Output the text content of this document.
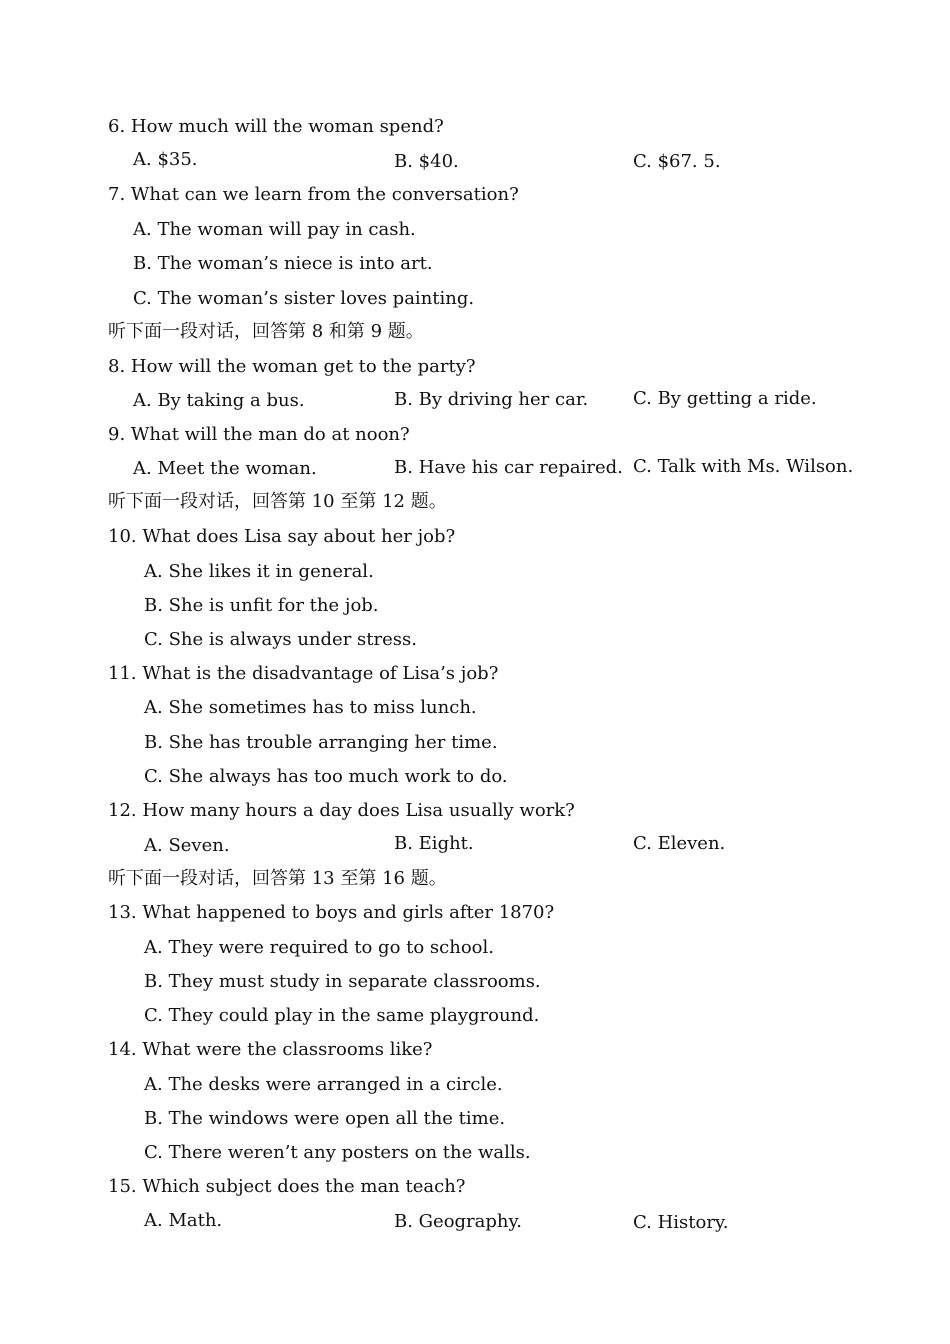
6. How much will the woman spend?
A. $35.	B. $40.	C. $67. 5.
7. What can we learn from the conversation?
A. The woman will pay in cash.
B. The woman’s niece is into art.
C. The woman’s sister loves painting.
听下面一段对话，回答第 8 和第 9 题。
8. How will the woman get to the party?
A. By taking a bus.	B. By driving her car. C. By getting a ride.
9. What will the man do at noon?
A. Meet the woman.	B. Have his car repaired. C. Talk with Ms. Wilson.
听下面一段对话，回答第 10 至第 12 题。
10. What does Lisa say about her job?
A. She likes it in general.
B. She is unfit for the job.
C. She is always under stress.
11. What is the disadvantage of Lisa’s job?
A. She sometimes has to miss lunch.
B. She has trouble arranging her time.
C. She always has too much work to do.
12. How many hours a day does Lisa usually work?
A. Seven.	B. Eight.	C. Eleven.
听下面一段对话，回答第 13 至第 16 题。
13. What happened to boys and girls after 1870?
A. They were required to go to school.
B. They must study in separate classrooms.
C. They could play in the same playground.
14. What were the classrooms like?
A. The desks were arranged in a circle.
B. The windows were open all the time.
C. There weren’t any posters on the walls.
15. Which subject does the man teach?
A. Math.	B. Geography.	C. History.
